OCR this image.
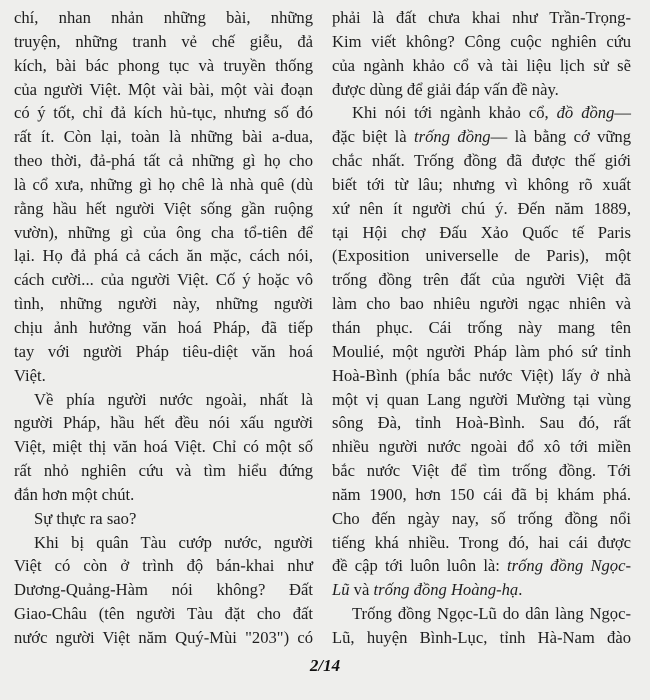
chí, nhan nhản những bài, những
truyện, những tranh vẻ chế giễu, đả
kích, bài bác phong tục và truyền thống
của người Việt. Một vài bài, một vài đoạn
có ý tốt, chỉ đả kích hủ-tục, nhưng số đó
rất ít. Còn lại, toàn là những bài a-dua,
theo thời, đả-phá tất cả những gì họ cho
là cổ xưa, những gì họ chê là nhà quê (dù
rằng hầu hết người Việt sống gần ruộng
vườn), những gì của ông cha tổ-tiên để
lại. Họ đả phá cả cách ăn mặc, cách nói,
cách cười... của người Việt. Cố ý hoặc vô
tình, những người này, những người
chịu ảnh hưởng văn hoá Pháp, đã tiếp
tay với người Pháp tiêu-diệt văn hoá
Việt.
Về phía người nước ngoài, nhất là
người Pháp, hầu hết đều nói xấu người
Việt, miệt thị văn hoá Việt. Chỉ có một số
rất nhỏ nghiên cứu và tìm hiểu đứng
đắn hơn một chút.
Sự thực ra sao?
Khi bị quân Tàu cướp nước, người
Việt có còn ở trình độ bán-khai như
Dương-Quảng-Hàm nói không? Đất
Giao-Châu (tên người Tàu đặt cho đất
nước người Việt năm Quý-Mùi "203") có
phải là đất chưa khai như Trần-Trọng-
Kim viết không? Công cuộc nghiên cứu
của ngành khảo cổ và tài liệu lịch sử sẽ
được dùng để giải đáp vấn đề này.
Khi nói tới ngành khảo cổ, đồ đồng—
đặc biệt là trống đồng— là bằng cớ vững
chắc nhất. Trống đồng đã được thế giới
biết tới từ lâu; nhưng vì không rõ xuất
xứ nên ít người chú ý. Đến năm 1889,
tại Hội chợ Đấu Xảo Quốc tế Paris
(Exposition universelle de Paris), một
trống đồng trên đất của người Việt đã
làm cho bao nhiêu người ngạc nhiên và
thán phục. Cái trống này mang tên
Moulié, một người Pháp làm phó sứ tỉnh
Hoà-Bình (phía bắc nước Việt) lấy ở nhà
một vị quan Lang người Mường tại vùng
sông Đà, tỉnh Hoà-Bình. Sau đó, rất
nhiều người nước ngoài đổ xô tới miền
bắc nước Việt để tìm trống đồng. Tới
năm 1900, hơn 150 cái đã bị khám phá.
Cho đến ngày nay, số trống đồng nổi
tiếng khá nhiều. Trong đó, hai cái được
đề cập tới luôn luôn là: trống đồng Ngọc-
Lũ và trống đồng Hoàng-hạ.
Trống đồng Ngọc-Lũ do dân làng Ngọc-
Lũ, huyện Bình-Lục, tỉnh Hà-Nam đào
2/14
